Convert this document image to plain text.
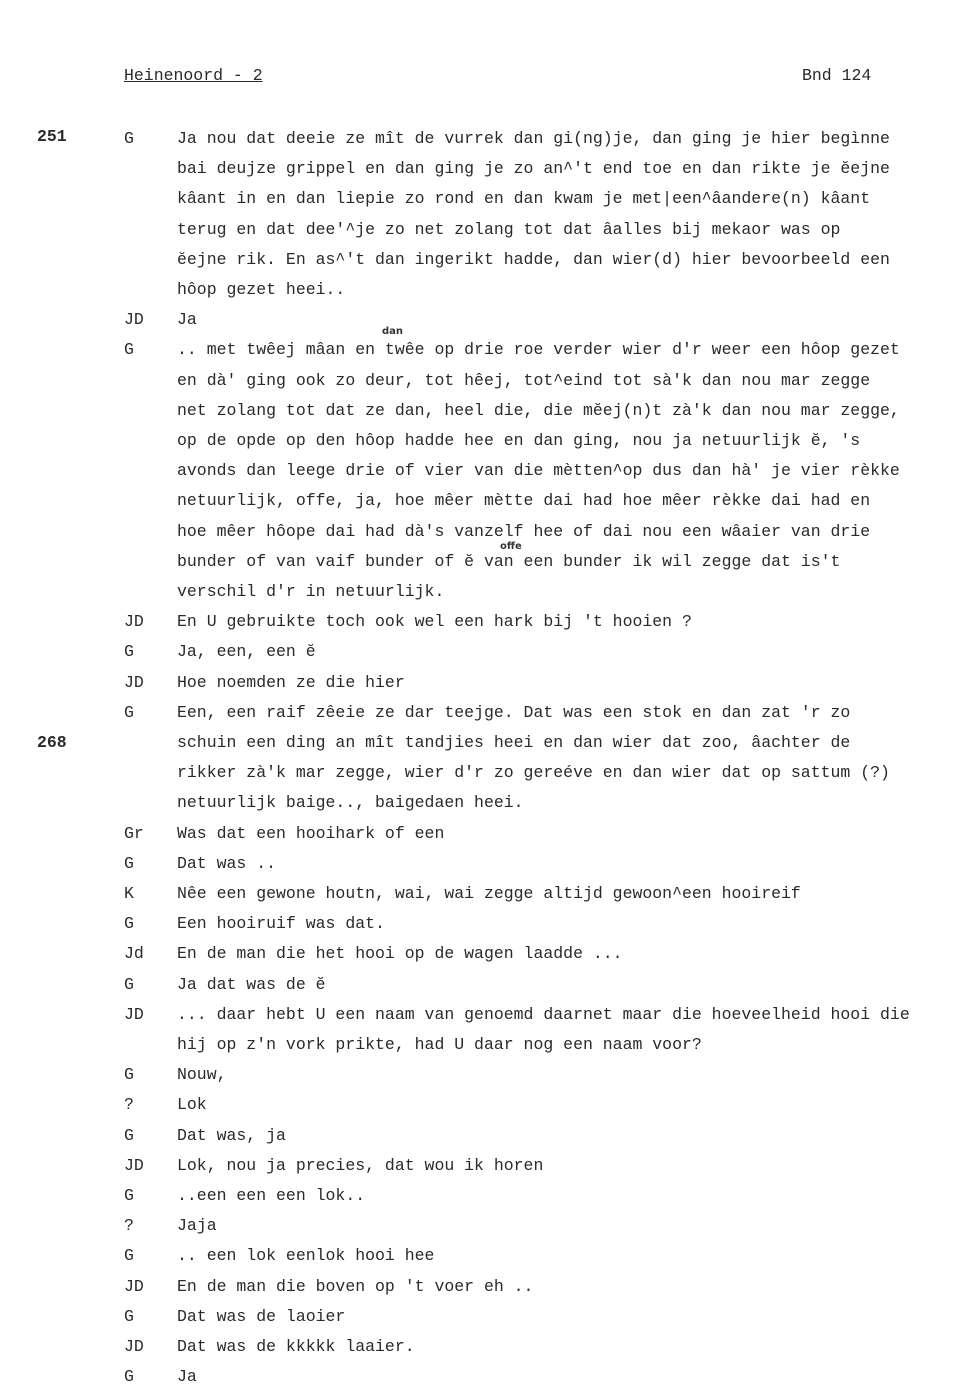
Heinenoord - 2	Bnd 124
251
268
dan
offe
G	Ja nou dat deeie ze mît de vurrek dan gi(ng)je, dan ging je hier begìnne
bai deujze grippel en dan ging je zo an^'t end toe en dan rikte je ĕejne
kâant in en dan liepie zo rond en dan kwam je met|een^âandere(n) kâant
terug en dat dee'^je zo net zolang tot dat âalles bij mekaor was op
ĕejne rik. En as^'t dan ingerikt hadde, dan wier(d) hier bevoorbeeld een
hôop gezet heei..
JD Ja
G	.. met twêej mâan en twêe op drie roe verder wier d'r weer een hôop gezet
en dà' ging ook zo deur, tot hêej, tot^eind tot sà'k dan nou mar zegge
net zolang tot dat ze dan, heel die, die mĕej(n)t zà'k dan nou mar zegge,
op de opde op den hôop hadde hee en dan ging, nou ja netuurlijk ĕ, 's
avonds dan leege drie of vier van die mètten^op dus dan hà' je vier rèkke
netuurlijk, offe, ja, hoe mêer mètte dai had hoe mêer rèkke dai had en
hoe mêer hôope dai had dà's vanzelf hee of dai nou een wâaier van drie
bunder of van vaif bunder of ĕ van een bunder ik wil zegge dat is't
verschil d'r in netuurlijk.
JD En U gebruikte toch ook wel een hark bij 't hooien ?
G	Ja, een, een ĕ
JD Hoe noemden ze die hier
G	Een, een raif zêeie ze dar teejge. Dat was een stok en dan zat 'r zo
schuin een ding an mît tandjies heei en dan wier dat zoo, âachter de
rikker zà'k mar zegge, wier d'r zo gereéve en dan wier dat op sattum (?)
netuurlijk baige.., baigedaen heei.
Gr Was dat een hooihark of een
G	Dat was ..
K	Nêe een gewone houtn, wai, wai zegge altijd gewoon^een hooireif
G	Een hooiruif was dat.
Jd En de man die het hooi op de wagen laadde ...
G	Ja dat was de ĕ
JD ... daar hebt U een naam van genoemd daarnet maar die hoeveelheid hooi die
hij op z'n vork prikte, had U daar nog een naam voor?
G	Nouw,
?	Lok
G	Dat was, ja
JD Lok, nou ja precies, dat wou ik horen
G	..een een een lok..
?	Jaja
G	.. een lok eenlok hooi hee
JD En de man die boven op 't voer eh ..
G	Dat was de laoier
JD Dat was de kkkkk laaier.
G	Ja
